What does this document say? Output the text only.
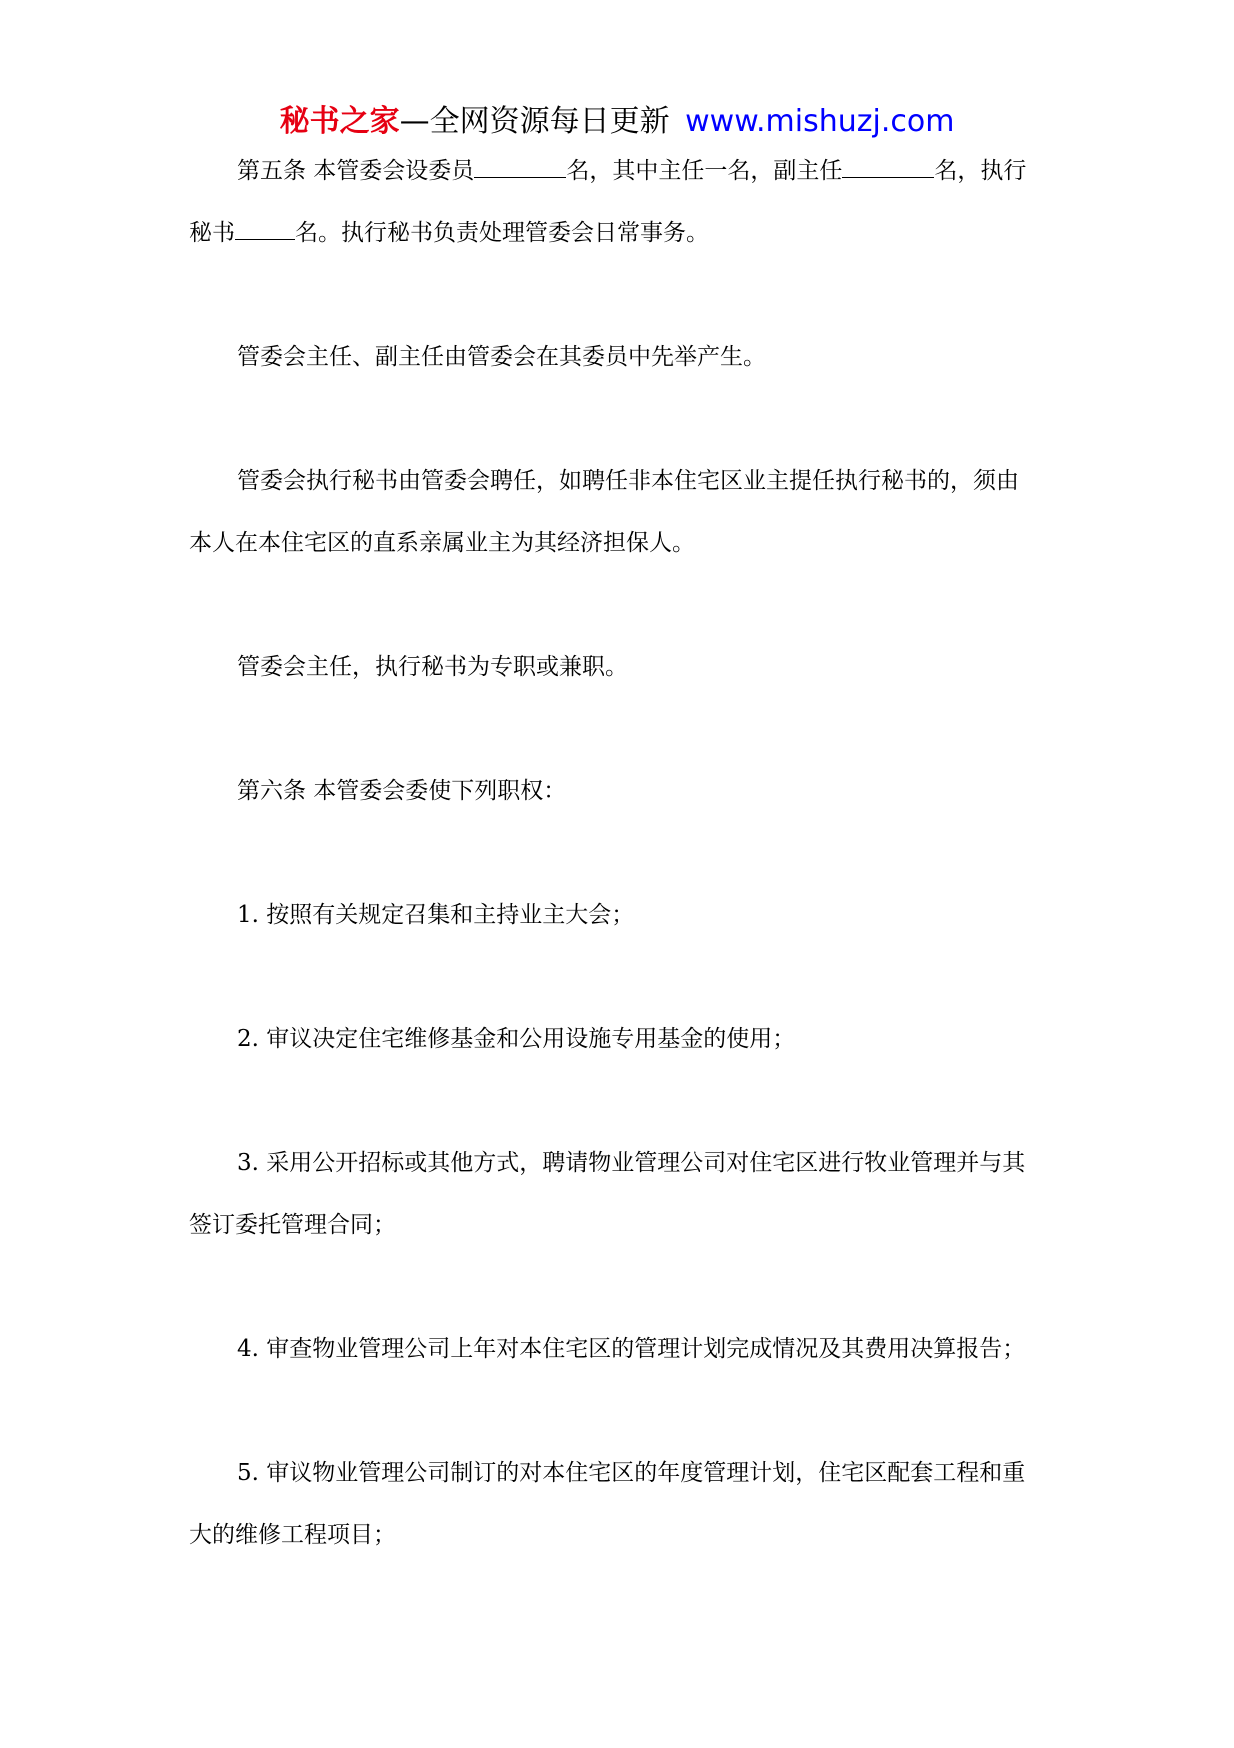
秘书之家—全网资源每日更新 www.mishuzj.com

第五条 本管委会设委员	名，其中主任一名，副主任	名，执行秘书	名。执行秘书负责处理管委会日常事务。

管委会主任、副主任由管委会在其委员中先举产生。

管委会执行秘书由管委会聘任，如聘任非本住宅区业主提任执行秘书的，须由本人在本住宅区的直系亲属业主为其经济担保人。

管委会主任，执行秘书为专职或兼职。

第六条 本管委会委使下列职权：

1. 按照有关规定召集和主持业主大会；

2. 审议决定住宅维修基金和公用设施专用基金的使用；

3. 采用公开招标或其他方式，聘请物业管理公司对住宅区进行牧业管理并与其签订委托管理合同；

4. 审查物业管理公司上年对本住宅区的管理计划完成情况及其费用决算报告；

5. 审议物业管理公司制订的对本住宅区的年度管理计划，住宅区配套工程和重大的维修工程项目；
